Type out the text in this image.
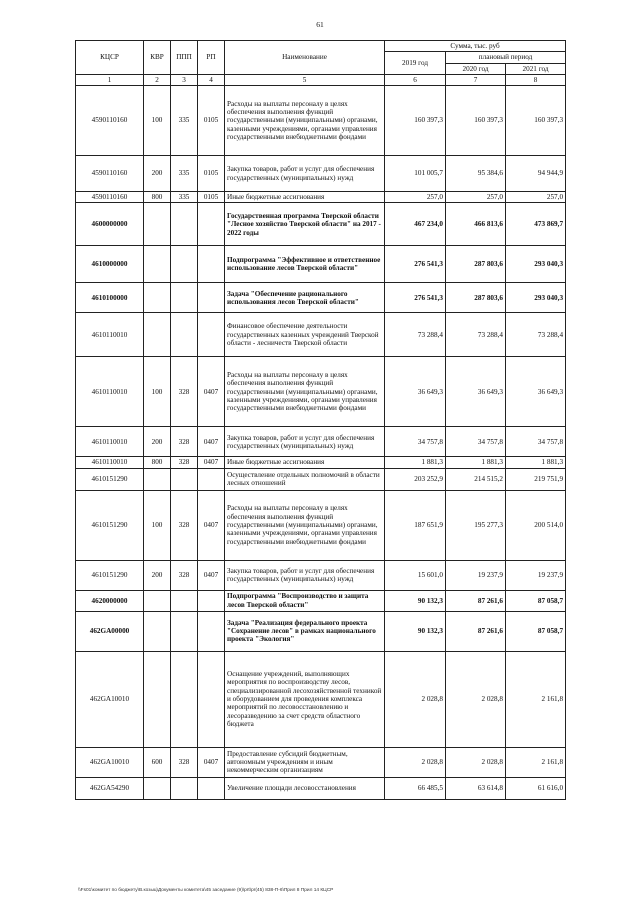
61
КЦСР	КВР	ППП	РП	Наименование	Сумма, тыс. руб		
					2019 год	плановый период	
						2020 год	2021 год
1	2	3	4	5	6	7	8
4590110160	100	335	0105	Расходы на выплаты персоналу в целях обеспечения выполнения функций государственными (муниципальными) органами, казенными учреждениями, органами управления государственными внебюджетными фондами	160 397,3	160 397,3	160 397,3
4590110160	200	335	0105	Закупка товаров, работ и услуг для обеспечения государственных (муниципальных) нужд	101 005,7	95 384,6	94 944,9
4590110160	800	335	0105	Иные бюджетные ассигнования	257,0	257,0	257,0
4600000000				Государственная программа Тверской области "Лесное хозяйство Тверской области" на 2017 - 2022 годы	467 234,0	466 813,6	473 869,7
4610000000				Подпрограмма "Эффективное и ответственное использование лесов Тверской области"	276 541,3	287 803,6	293 040,3
4610100000				Задача "Обеспечение рационального использования лесов Тверской области"	276 541,3	287 803,6	293 040,3
4610110010				Финансовое обеспечение деятельности государственных казенных учреждений Тверской области - лесничеств Тверской области	73 288,4	73 288,4	73 288,4
4610110010	100	328	0407	Расходы на выплаты персоналу в целях обеспечения выполнения функций государственными (муниципальными) органами, казенными учреждениями, органами управления государственными внебюджетными фондами	36 649,3	36 649,3	36 649,3
4610110010	200	328	0407	Закупка товаров, работ и услуг для обеспечения государственных (муниципальных) нужд	34 757,8	34 757,8	34 757,8
4610110010	800	328	0407	Иные бюджетные ассигнования	1 881,3	1 881,3	1 881,3
4610151290				Осуществление отдельных полномочий в области лесных отношений	203 252,9	214 515,2	219 751,9
4610151290	100	328	0407	Расходы на выплаты персоналу в целях обеспечения выполнения функций государственными (муниципальными) органами, казенными учреждениями, органами управления государственными внебюджетными фондами	187 651,9	195 277,3	200 514,0
4610151290	200	328	0407	Закупка товаров, работ и услуг для обеспечения государственных (муниципальных) нужд	15 601,0	19 237,9	19 237,9
4620000000				Подпрограмма "Воспроизводство и защита лесов Тверской области"	90 132,3	87 261,6	87 058,7
462GA00000				Задача "Реализация федерального проекта "Сохранение лесов" в рамках национального проекта "Экология"	90 132,3	87 261,6	87 058,7
462GA10010				Оснащение учреждений, выполняющих мероприятия по воспроизводству лесов, специализированной лесохозяйственной техникой и оборудованием для проведения комплекса мероприятий по лесовосстановлению и лесоразведению за счет средств областного бюджета	2 028,8	2 028,8	2 161,8
462GA10010	600	328	0407	Предоставление субсидий бюджетным, автономным учреждениям и иным некоммерческим организациям	2 028,8	2 028,8	2 161,8
462GA54290				Увеличение площади лесовосстановления	66 485,5	63 614,8	61 616,0
\\Fs01\комитет по бюджету\В.козыц\Документы комитета\45 заседание (9)\prt\pr(45) 838-П-6\Прил 8 Прил 14 КЦСР
